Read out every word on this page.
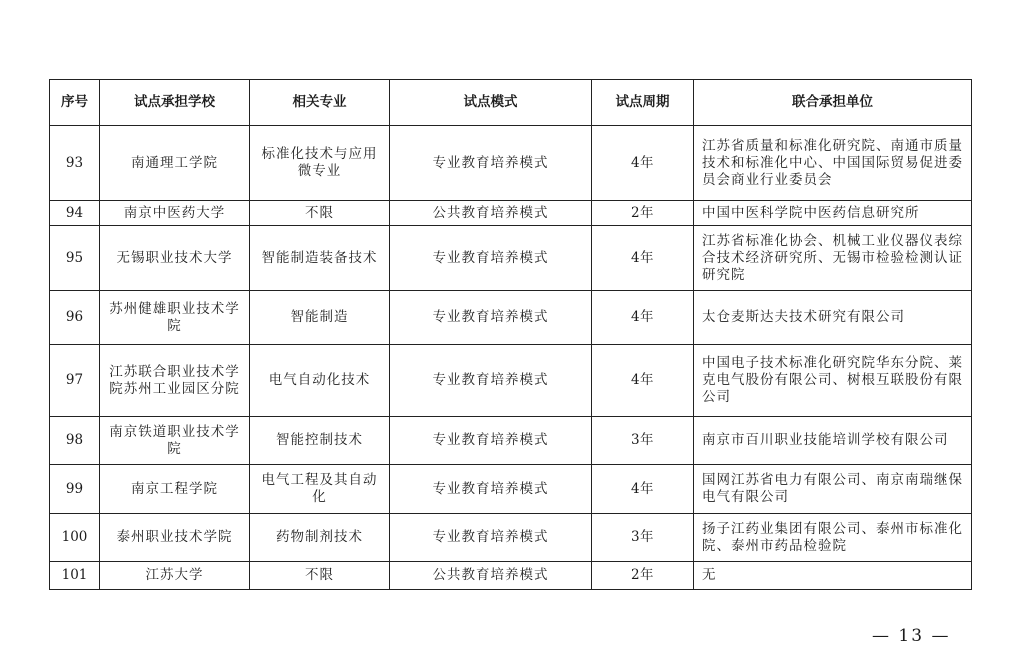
序号	试点承担学校	相关专业	试点模式	试点周期	联合承担单位
93	南通理工学院	标准化技术与应用微专业	专业教育培养模式	4年	江苏省质量和标准化研究院、南通市质量技术和标准化中心、中国国际贸易促进委员会商业行业委员会
94	南京中医药大学	不限	公共教育培养模式	2年	中国中医科学院中医药信息研究所
95	无锡职业技术大学	智能制造装备技术	专业教育培养模式	4年	江苏省标准化协会、机械工业仪器仪表综合技术经济研究所、无锡市检验检测认证研究院
96	苏州健雄职业技术学院	智能制造	专业教育培养模式	4年	太仓麦斯达夫技术研究有限公司
97	江苏联合职业技术学院苏州工业园区分院	电气自动化技术	专业教育培养模式	4年	中国电子技术标准化研究院华东分院、莱克电气股份有限公司、树根互联股份有限公司
98	南京铁道职业技术学院	智能控制技术	专业教育培养模式	3年	南京市百川职业技能培训学校有限公司
99	南京工程学院	电气工程及其自动化	专业教育培养模式	4年	国网江苏省电力有限公司、南京南瑞继保电气有限公司
100	泰州职业技术学院	药物制剂技术	专业教育培养模式	3年	扬子江药业集团有限公司、泰州市标准化院、泰州市药品检验院
101	江苏大学	不限	公共教育培养模式	2年	无
— 13 —
